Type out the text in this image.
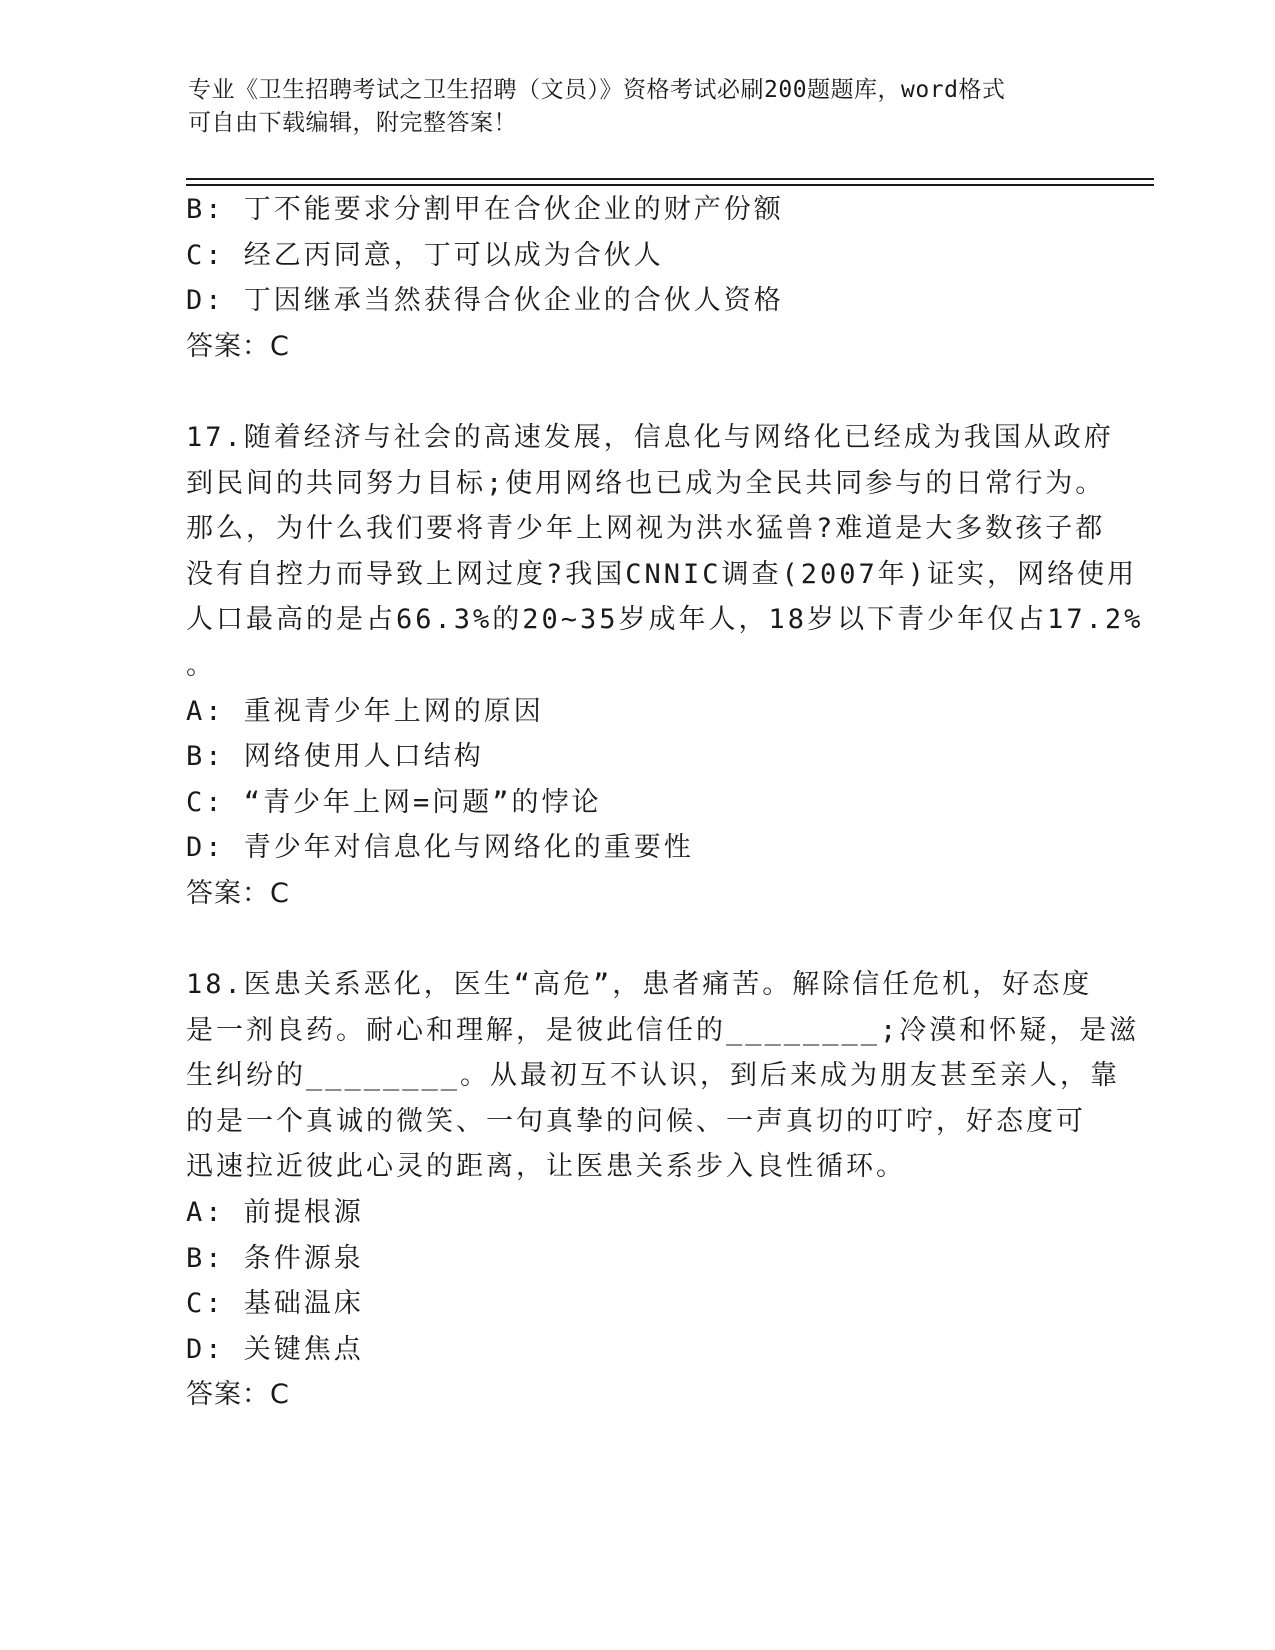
专业《卫生招聘考试之卫生招聘（文员）》资格考试必刷200题题库，word格式
可自由下载编辑，附完整答案！
B: 丁不能要求分割甲在合伙企业的财产份额
C: 经乙丙同意，丁可以成为合伙人
D: 丁因继承当然获得合伙企业的合伙人资格
答案：C
17.随着经济与社会的高速发展，信息化与网络化已经成为我国从政府
到民间的共同努力目标;使用网络也已成为全民共同参与的日常行为。
那么，为什么我们要将青少年上网视为洪水猛兽?难道是大多数孩子都
没有自控力而导致上网过度?我国CNNIC调查(2007年)证实，网络使用
人口最高的是占66.3%的20~35岁成年人，18岁以下青少年仅占17.2%
。
A: 重视青少年上网的原因
B: 网络使用人口结构
C: “青少年上网=问题”的悖论
D: 青少年对信息化与网络化的重要性
答案：C
18.医患关系恶化，医生“高危”，患者痛苦。解除信任危机，好态度
是一剂良药。耐心和理解，是彼此信任的________;冷漠和怀疑，是滋
生纠纷的________。从最初互不认识，到后来成为朋友甚至亲人，靠
的是一个真诚的微笑、一句真挚的问候、一声真切的叮咛，好态度可
迅速拉近彼此心灵的距离，让医患关系步入良性循环。
A: 前提根源
B: 条件源泉
C: 基础温床
D: 关键焦点
答案：C
